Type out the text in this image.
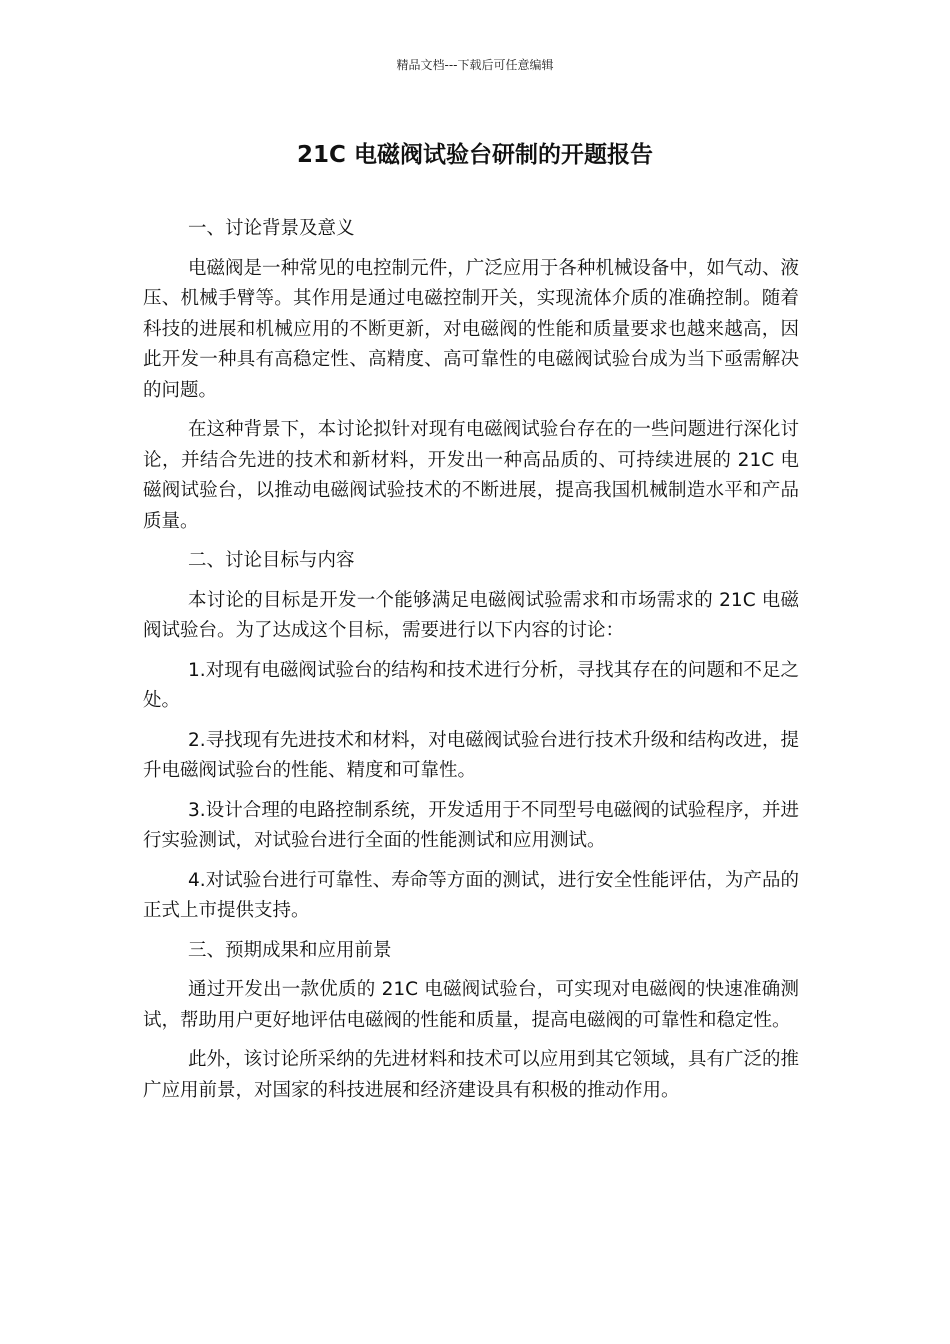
精品文档---下载后可任意编辑
21C 电磁阀试验台研制的开题报告

一、讨论背景及意义

电磁阀是一种常见的电控制元件，广泛应用于各种机械设备中，如气动、液压、机械手臂等。其作用是通过电磁控制开关，实现流体介质的准确控制。随着科技的进展和机械应用的不断更新，对电磁阀的性能和质量要求也越来越高，因此开发一种具有高稳定性、高精度、高可靠性的电磁阀试验台成为当下亟需解决的问题。

在这种背景下，本讨论拟针对现有电磁阀试验台存在的一些问题进行深化讨论，并结合先进的技术和新材料，开发出一种高品质的、可持续进展的 21C 电磁阀试验台，以推动电磁阀试验技术的不断进展，提高我国机械制造水平和产品质量。

二、讨论目标与内容

本讨论的目标是开发一个能够满足电磁阀试验需求和市场需求的 21C 电磁阀试验台。为了达成这个目标，需要进行以下内容的讨论：

1.对现有电磁阀试验台的结构和技术进行分析，寻找其存在的问题和不足之处。

2.寻找现有先进技术和材料，对电磁阀试验台进行技术升级和结构改进，提升电磁阀试验台的性能、精度和可靠性。

3.设计合理的电路控制系统，开发适用于不同型号电磁阀的试验程序，并进行实验测试，对试验台进行全面的性能测试和应用测试。

4.对试验台进行可靠性、寿命等方面的测试，进行安全性能评估，为产品的正式上市提供支持。

三、预期成果和应用前景

通过开发出一款优质的 21C 电磁阀试验台，可实现对电磁阀的快速准确测试，帮助用户更好地评估电磁阀的性能和质量，提高电磁阀的可靠性和稳定性。

此外，该讨论所采纳的先进材料和技术可以应用到其它领域，具有广泛的推广应用前景，对国家的科技进展和经济建设具有积极的推动作用。
